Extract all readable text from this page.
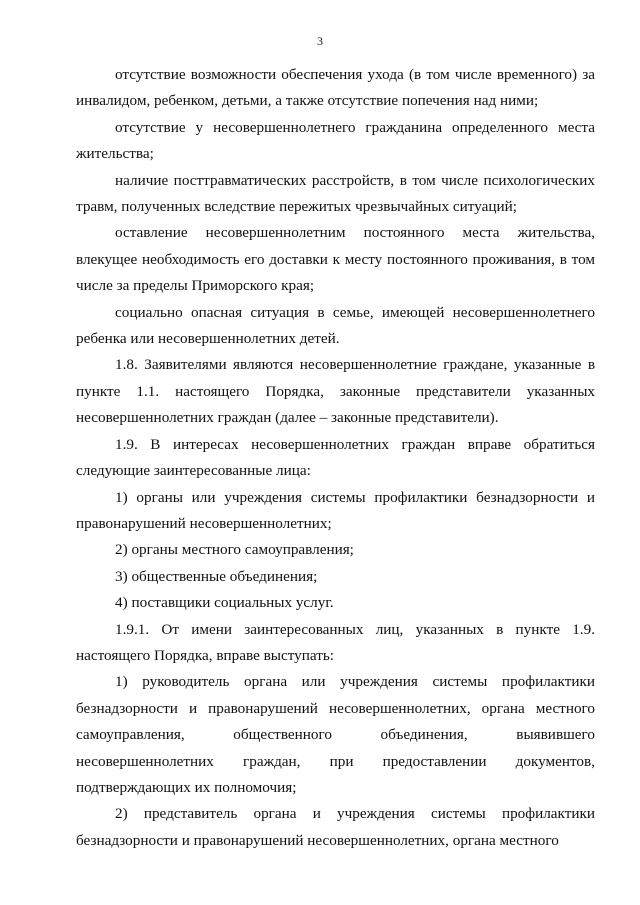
3

отсутствие возможности обеспечения ухода (в том числе временного) за инвалидом, ребенком, детьми, а также отсутствие попечения над ними;

отсутствие у несовершеннолетнего гражданина определенного места жительства;

наличие посттравматических расстройств, в том числе психологических травм, полученных вследствие пережитых чрезвычайных ситуаций;

оставление несовершеннолетним постоянного места жительства, влекущее необходимость его доставки к месту постоянного проживания, в том числе за пределы Приморского края;

социально опасная ситуация в семье, имеющей несовершеннолетнего ребенка или несовершеннолетних детей.

1.8. Заявителями являются несовершеннолетние граждане, указанные в пункте 1.1. настоящего Порядка, законные представители указанных несовершеннолетних граждан (далее – законные представители).

1.9. В интересах несовершеннолетних граждан вправе обратиться следующие заинтересованные лица:

1) органы или учреждения системы профилактики безнадзорности и правонарушений несовершеннолетних;

2) органы местного самоуправления;

3) общественные объединения;

4) поставщики социальных услуг.

1.9.1. От имени заинтересованных лиц, указанных в пункте 1.9. настоящего Порядка, вправе выступать:

1) руководитель органа или учреждения системы профилактики безнадзорности и правонарушений несовершеннолетних, органа местного самоуправления, общественного объединения, выявившего несовершеннолетних граждан, при предоставлении документов, подтверждающих их полномочия;

2) представитель органа и учреждения системы профилактики безнадзорности и правонарушений несовершеннолетних, органа местного
